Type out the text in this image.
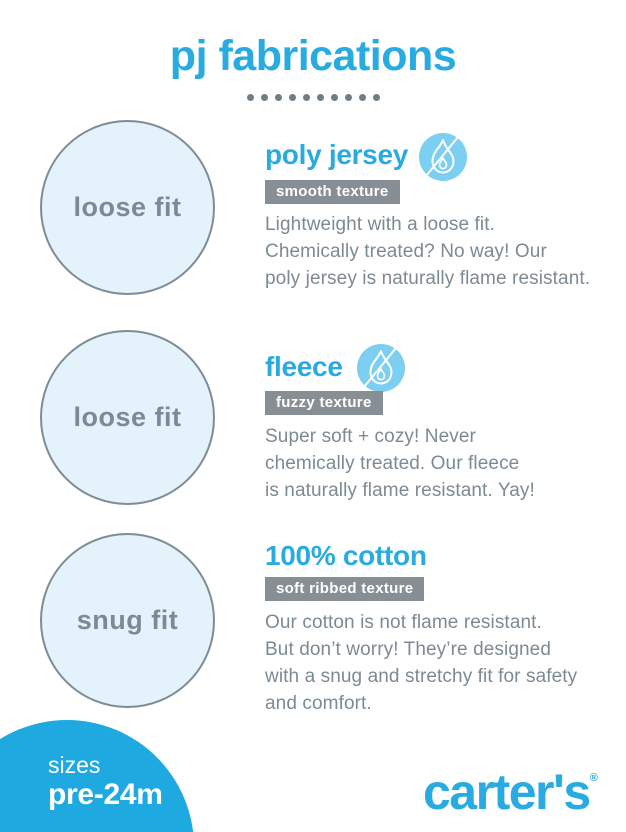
pj fabrications
loose fit
poly jersey
smooth texture
Lightweight with a loose fit.
Chemically treated? No way! Our
poly jersey is naturally flame resistant.
loose fit
fleece
fuzzy texture
Super soft + cozy! Never
chemically treated. Our fleece
is naturally flame resistant. Yay!
snug fit
100% cotton
soft ribbed texture
Our cotton is not flame resistant.
But don’t worry! They’re designed
with a snug and stretchy fit for safety
and comfort.
sizes
pre-24m	carter's®
